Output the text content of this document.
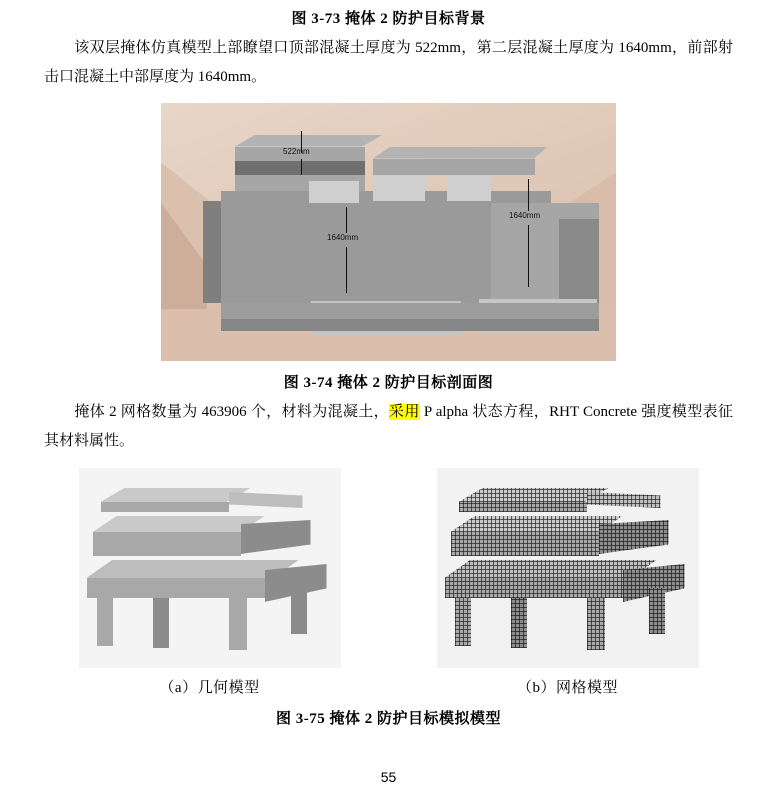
图 3-73 掩体 2 防护目标背景
该双层掩体仿真模型上部瞭望口顶部混凝土厚度为 522mm，第二层混凝土厚度为 1640mm，前部射击口混凝土中部厚度为 1640mm。
522mm
1640mm
1640mm
图 3-74 掩体 2 防护目标剖面图
掩体 2 网格数量为 463906 个，材料为混凝土，采用 P alpha 状态方程，RHT Concrete 强度模型表征其材料属性。
（a）几何模型	（b）网格模型
图 3-75 掩体 2 防护目标模拟模型
55
